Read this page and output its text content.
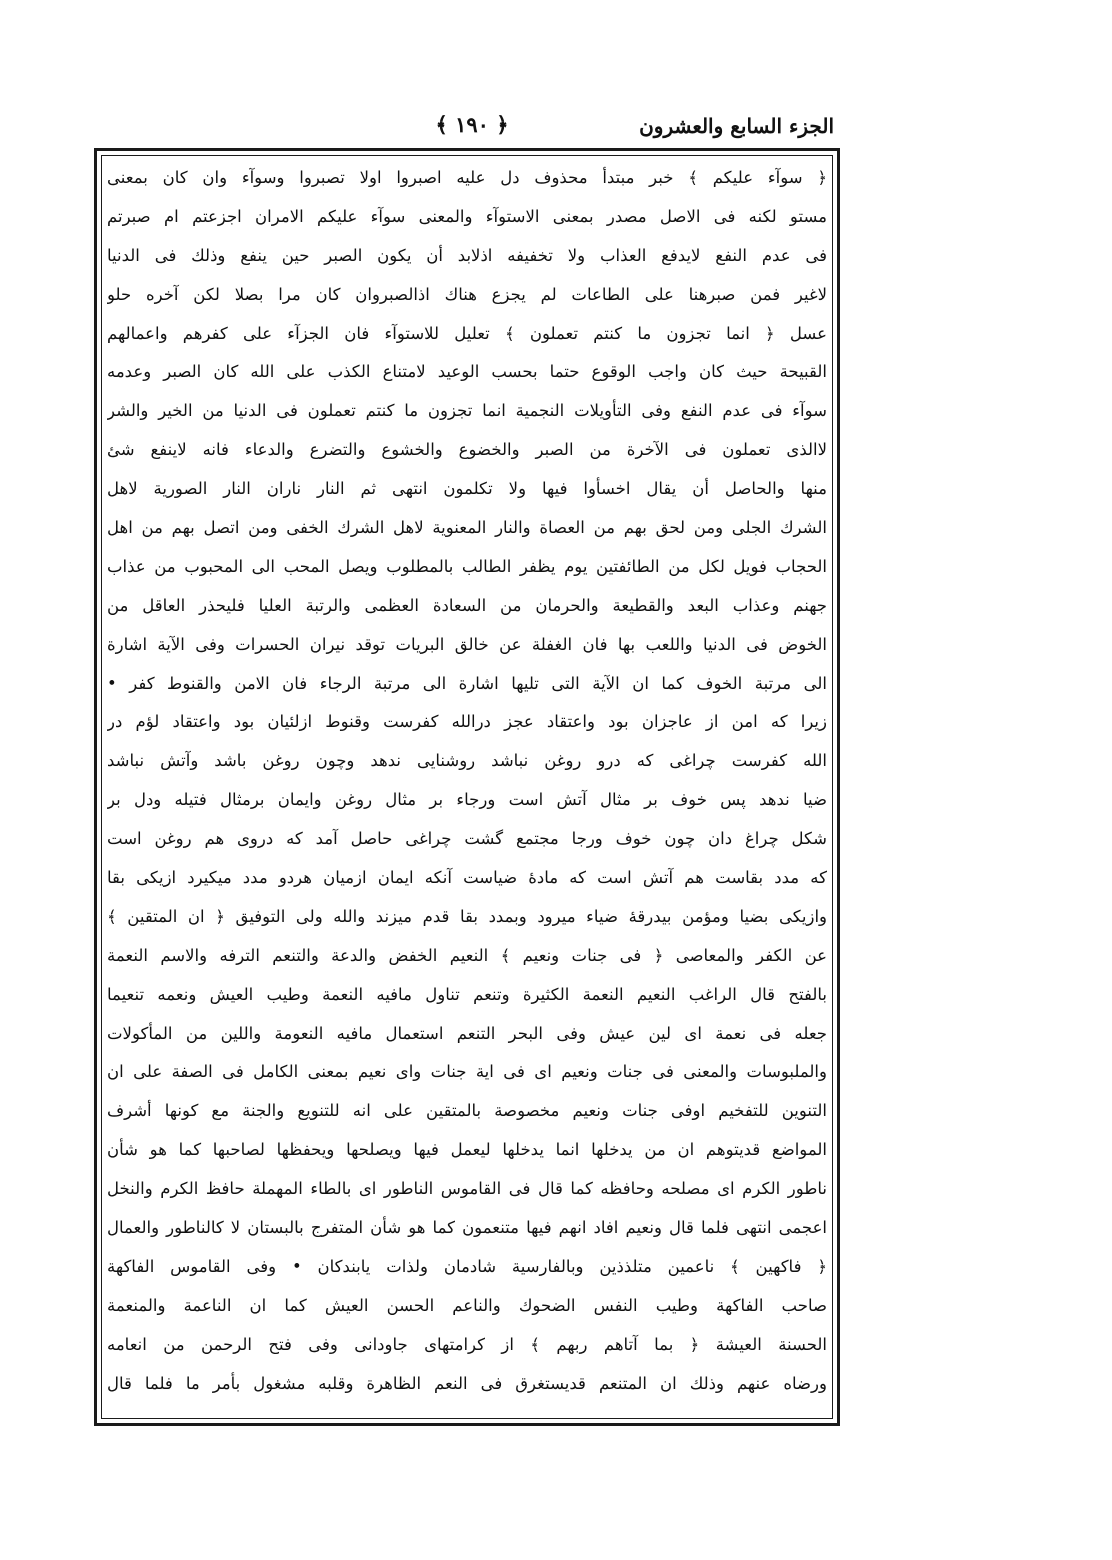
الجزء السابع والعشرون
﴿ ١٩٠ ﴾
﴿ سوآء عليكم ﴾ خبر مبتدأ محذوف دل عليه اصبروا اولا تصبروا وسوآء وان كان بمعنى
مستو لكنه فى الاصل مصدر بمعنى الاستوآء والمعنى سوآء عليكم الامران اجزعتم ام صبرتم
فى عدم النفع لايدفع العذاب ولا تخفيفه اذلابد أن يكون الصبر حين ينفع وذلك فى الدنيا
لاغير فمن صبرهنا على الطاعات لم يجزع هناك اذالصبروان كان مرا بصلا لكن آخره حلو
عسل ﴿ انما تجزون ما كنتم تعملون ﴾ تعليل للاستوآء فان الجزآء على كفرهم واعمالهم
القبيحة حيث كان واجب الوقوع حتما بحسب الوعيد لامتناع الكذب على الله كان الصبر وعدمه
سوآء فى عدم النفع وفى التأويلات النجمية انما تجزون ما كنتم تعملون فى الدنيا من الخير والشر
لاالذى تعملون فى الآخرة من الصبر والخضوع والخشوع والتضرع والدعاء فانه لاينفع شئ
منها والحاصل أن يقال اخسأوا فيها ولا تكلمون انتهى ثم النار ناران النار الصورية لاهل
الشرك الجلى ومن لحق بهم من العصاة والنار المعنوية لاهل الشرك الخفى ومن اتصل بهم من اهل
الحجاب فويل لكل من الطائفتين يوم يظفر الطالب بالمطلوب ويصل المحب الى المحبوب من عذاب
جهنم وعذاب البعد والقطيعة والحرمان من السعادة العظمى والرتبة العليا فليحذر العاقل من
الخوض فى الدنيا واللعب بها فان الغفلة عن خالق البريات توقد نيران الحسرات وفى الآية اشارة
الى مرتبة الخوف كما ان الآية التى تليها اشارة الى مرتبة الرجاء فان الامن والقنوط كفر •
زيرا كه امن از عاجزان بود واعتقاد عجز درالله كفرست وقنوط ازلئيان بود واعتقاد لؤم در
الله كفرست چراغى كه درو روغن نباشد روشنايى ندهد وچون روغن باشد وآتش نباشد
ضيا ندهد پس خوف بر مثال آتش است ورجاء بر مثال روغن وايمان برمثال فتيله ودل بر
شكل چراغ دان چون خوف ورجا مجتمع گشت چراغى حاصل آمد كه دروى هم روغن است
كه مدد بقاست هم آتش است كه مادهٔ ضياست آنكه ايمان ازميان هردو مدد ميكيرد ازيكى بقا
وازيكى بضيا ومؤمن بيدرقهٔ ضياء ميرود وبمدد بقا قدم ميزند والله ولى التوفيق ﴿ ان المتقين ﴾
عن الكفر والمعاصى ﴿ فى جنات ونعيم ﴾ النعيم الخفض والدعة والتنعم الترفه والاسم النعمة
بالفتح قال الراغب النعيم النعمة الكثيرة وتنعم تناول مافيه النعمة وطيب العيش ونعمه تنعيما
جعله فى نعمة اى لين عيش وفى البحر التنعم استعمال مافيه النعومة واللين من المأكولات
والملبوسات والمعنى فى جنات ونعيم اى فى اية جنات واى نعيم بمعنى الكامل فى الصفة على ان
التنوين للتفخيم اوفى جنات ونعيم مخصوصة بالمتقين على انه للتنويع والجنة مع كونها أشرف
المواضع قديتوهم ان من يدخلها انما يدخلها ليعمل فيها ويصلحها ويحفظها لصاحبها كما هو شأن
ناطور الكرم اى مصلحه وحافظه كما قال فى القاموس الناطور اى بالطاء المهملة حافظ الكرم والنخل
اعجمى انتهى فلما قال ونعيم افاد انهم فيها متنعمون كما هو شأن المتفرج بالبستان لا كالناطور والعمال
﴿ فاكهين ﴾ ناعمين متلذذين وبالفارسية شادمان ولذات يابندكان • وفى القاموس الفاكهة
صاحب الفاكهة وطيب النفس الضحوك والناعم الحسن العيش كما ان الناعمة والمنعمة
الحسنة العيشة ﴿ بما آتاهم ربهم ﴾ از كرامتهاى جاودانى وفى فتح الرحمن من انعامه
ورضاه عنهم وذلك ان المتنعم قديستغرق فى النعم الظاهرة وقلبه مشغول بأمر ما فلما قال
